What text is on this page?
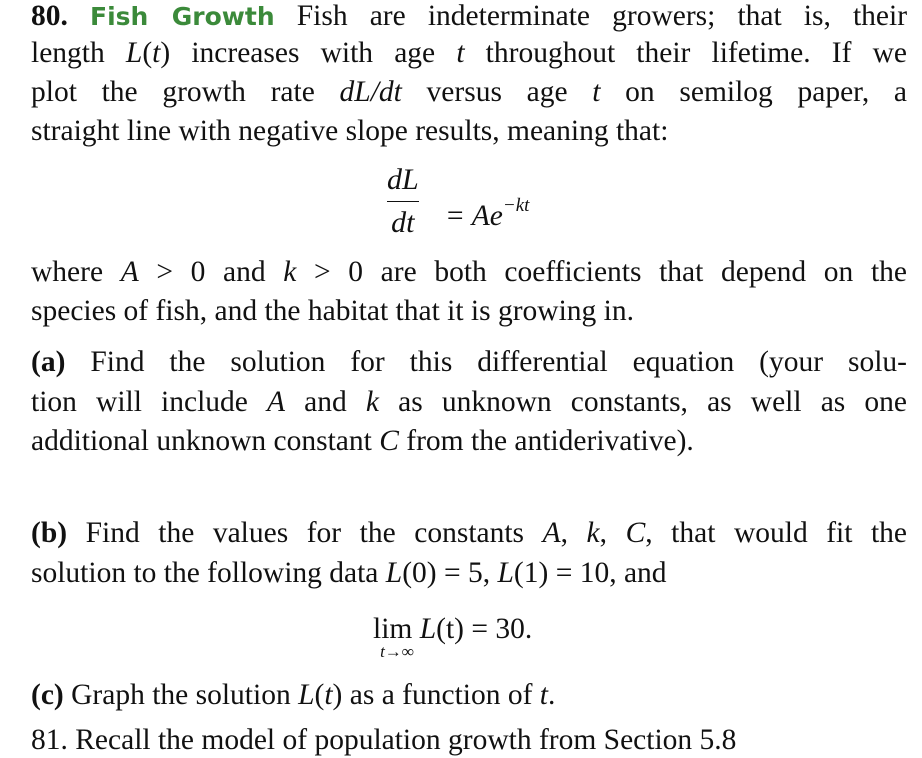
80. Fish Growth Fish are indeterminate growers; that is, their
length L(t) increases with age t throughout their lifetime. If we
plot the growth rate dL/dt versus age t on semilog paper, a
straight line with negative slope results, meaning that:
dL
dt = $Ae^{-kt}$
where A > 0 and k > 0 are both coefficients that depend on the
species of fish, and the habitat that it is growing in.
(a) Find the solution for this differential equation (your solu-
tion will include A and k as unknown constants, as well as one
additional unknown constant C from the antiderivative).
(b) Find the values for the constants A, k, C, that would fit the
solution to the following data L(0) = 5, L(1) = 10, and
lim L(t) = 30.
t→∞
(c) Graph the solution L(t) as a function of t.
81. Recall the model of population growth from Section 5.8
